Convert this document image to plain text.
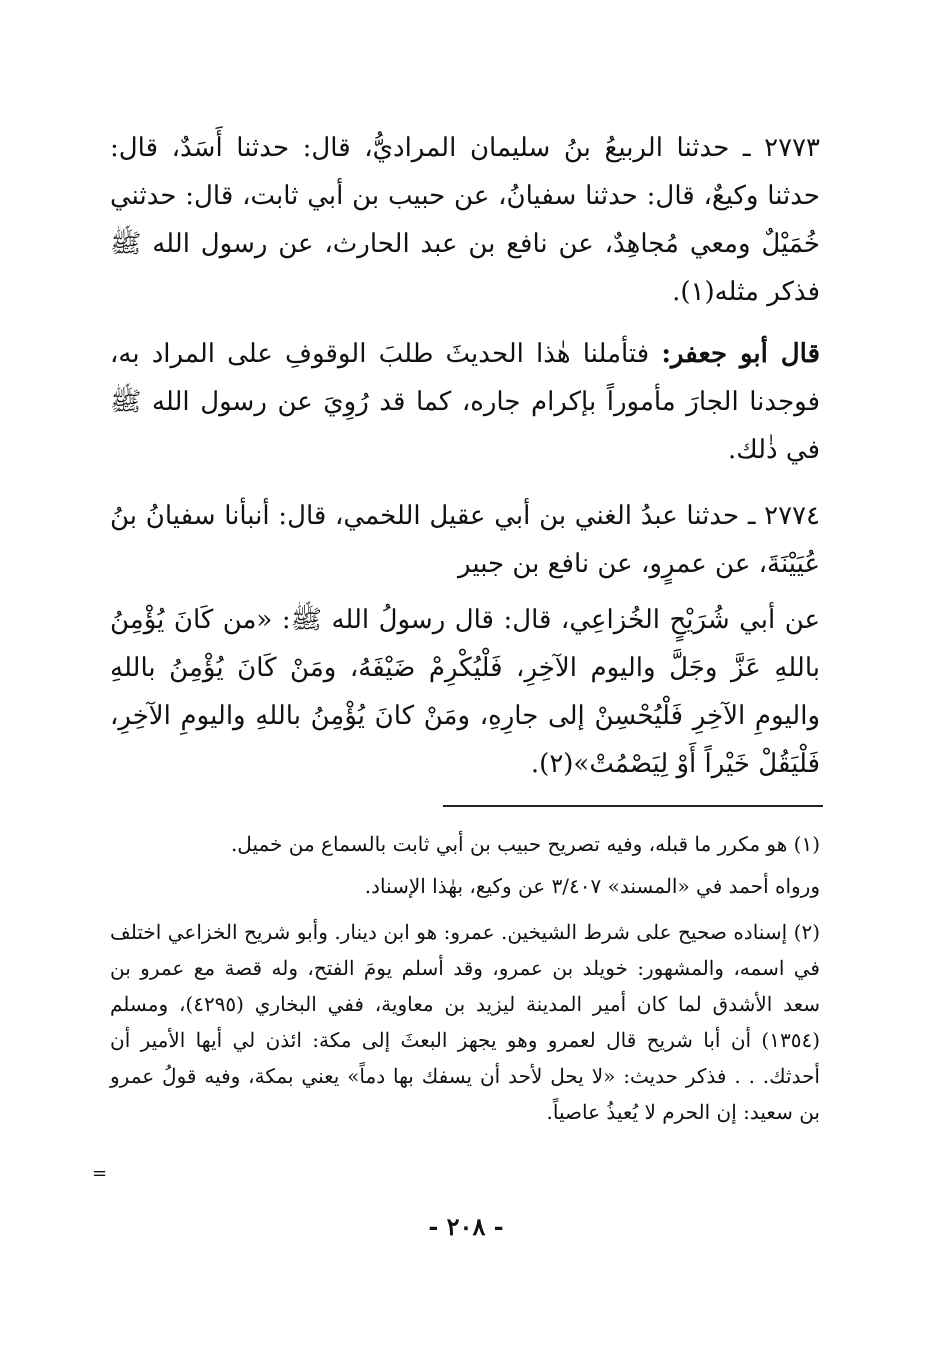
٢٧٧٣ ـ حدثنا الربيعُ بنُ سليمان المراديُّ، قال: حدثنا أَسَدٌ، قال: حدثنا وكيعٌ، قال: حدثنا سفيانُ، عن حبيب بن أبي ثابت، قال: حدثني خُمَيْلٌ ومعي مُجاهِدٌ، عن نافع بن عبد الحارث، عن رسول الله ﷺ فذكر مثله(١).

قال أبو جعفر: فتأملنا هٰذا الحديثَ طلبَ الوقوفِ على المراد به، فوجدنا الجارَ مأموراً بإكرام جاره، كما قد رُوِيَ عن رسول الله ﷺ في ذٰلك.

٢٧٧٤ ـ حدثنا عبدُ الغني بن أبي عقيل اللخمي، قال: أنبأنا سفيانُ بنُ عُيَيْنَةَ، عن عمرٍو، عن نافع بن جبير

عن أبي شُرَيْحٍ الخُزاعِي، قال: قال رسولُ الله ﷺ: «من كَانَ يُؤْمِنُ باللهِ عَزَّ وجَلَّ واليوم الآخِرِ، فَلْيُكْرِمْ ضَيْفَهُ، ومَنْ كَانَ يُؤْمِنُ باللهِ واليومِ الآخِرِ فَلْيُحْسِنْ إلى جارِهِ، ومَنْ كانَ يُؤْمِنُ باللهِ واليومِ الآخِرِ، فَلْيَقُلْ خَيْراً أَوْ لِيَصْمُتْ»(٢).

(١) هو مكرر ما قبله، وفيه تصريح حبيب بن أبي ثابت بالسماع من خميل.

ورواه أحمد في «المسند» ٣/٤٠٧ عن وكيع، بهٰذا الإسناد.

(٢) إسناده صحيح على شرط الشيخين. عمرو: هو ابن دينار. وأبو شريح الخزاعي اختلف في اسمه، والمشهور: خويلد بن عمرو، وقد أسلم يومَ الفتح، وله قصة مع عمرو بن سعد الأشدق لما كان أمير المدينة ليزيد بن معاوية، ففي البخاري (٤٢٩٥)، ومسلم (١٣٥٤) أن أبا شريح قال لعمرو وهو يجهز البعثَ إلى مكة: ائذن لي أيها الأمير أن أحدثك. . . فذكر حديث: «لا يحل لأحد أن يسفك بها دماً» يعني بمكة، وفيه قولُ عمرو بن سعيد: إن الحرم لا يُعيذُ عاصياً.

=
- ٢٠٨ -
